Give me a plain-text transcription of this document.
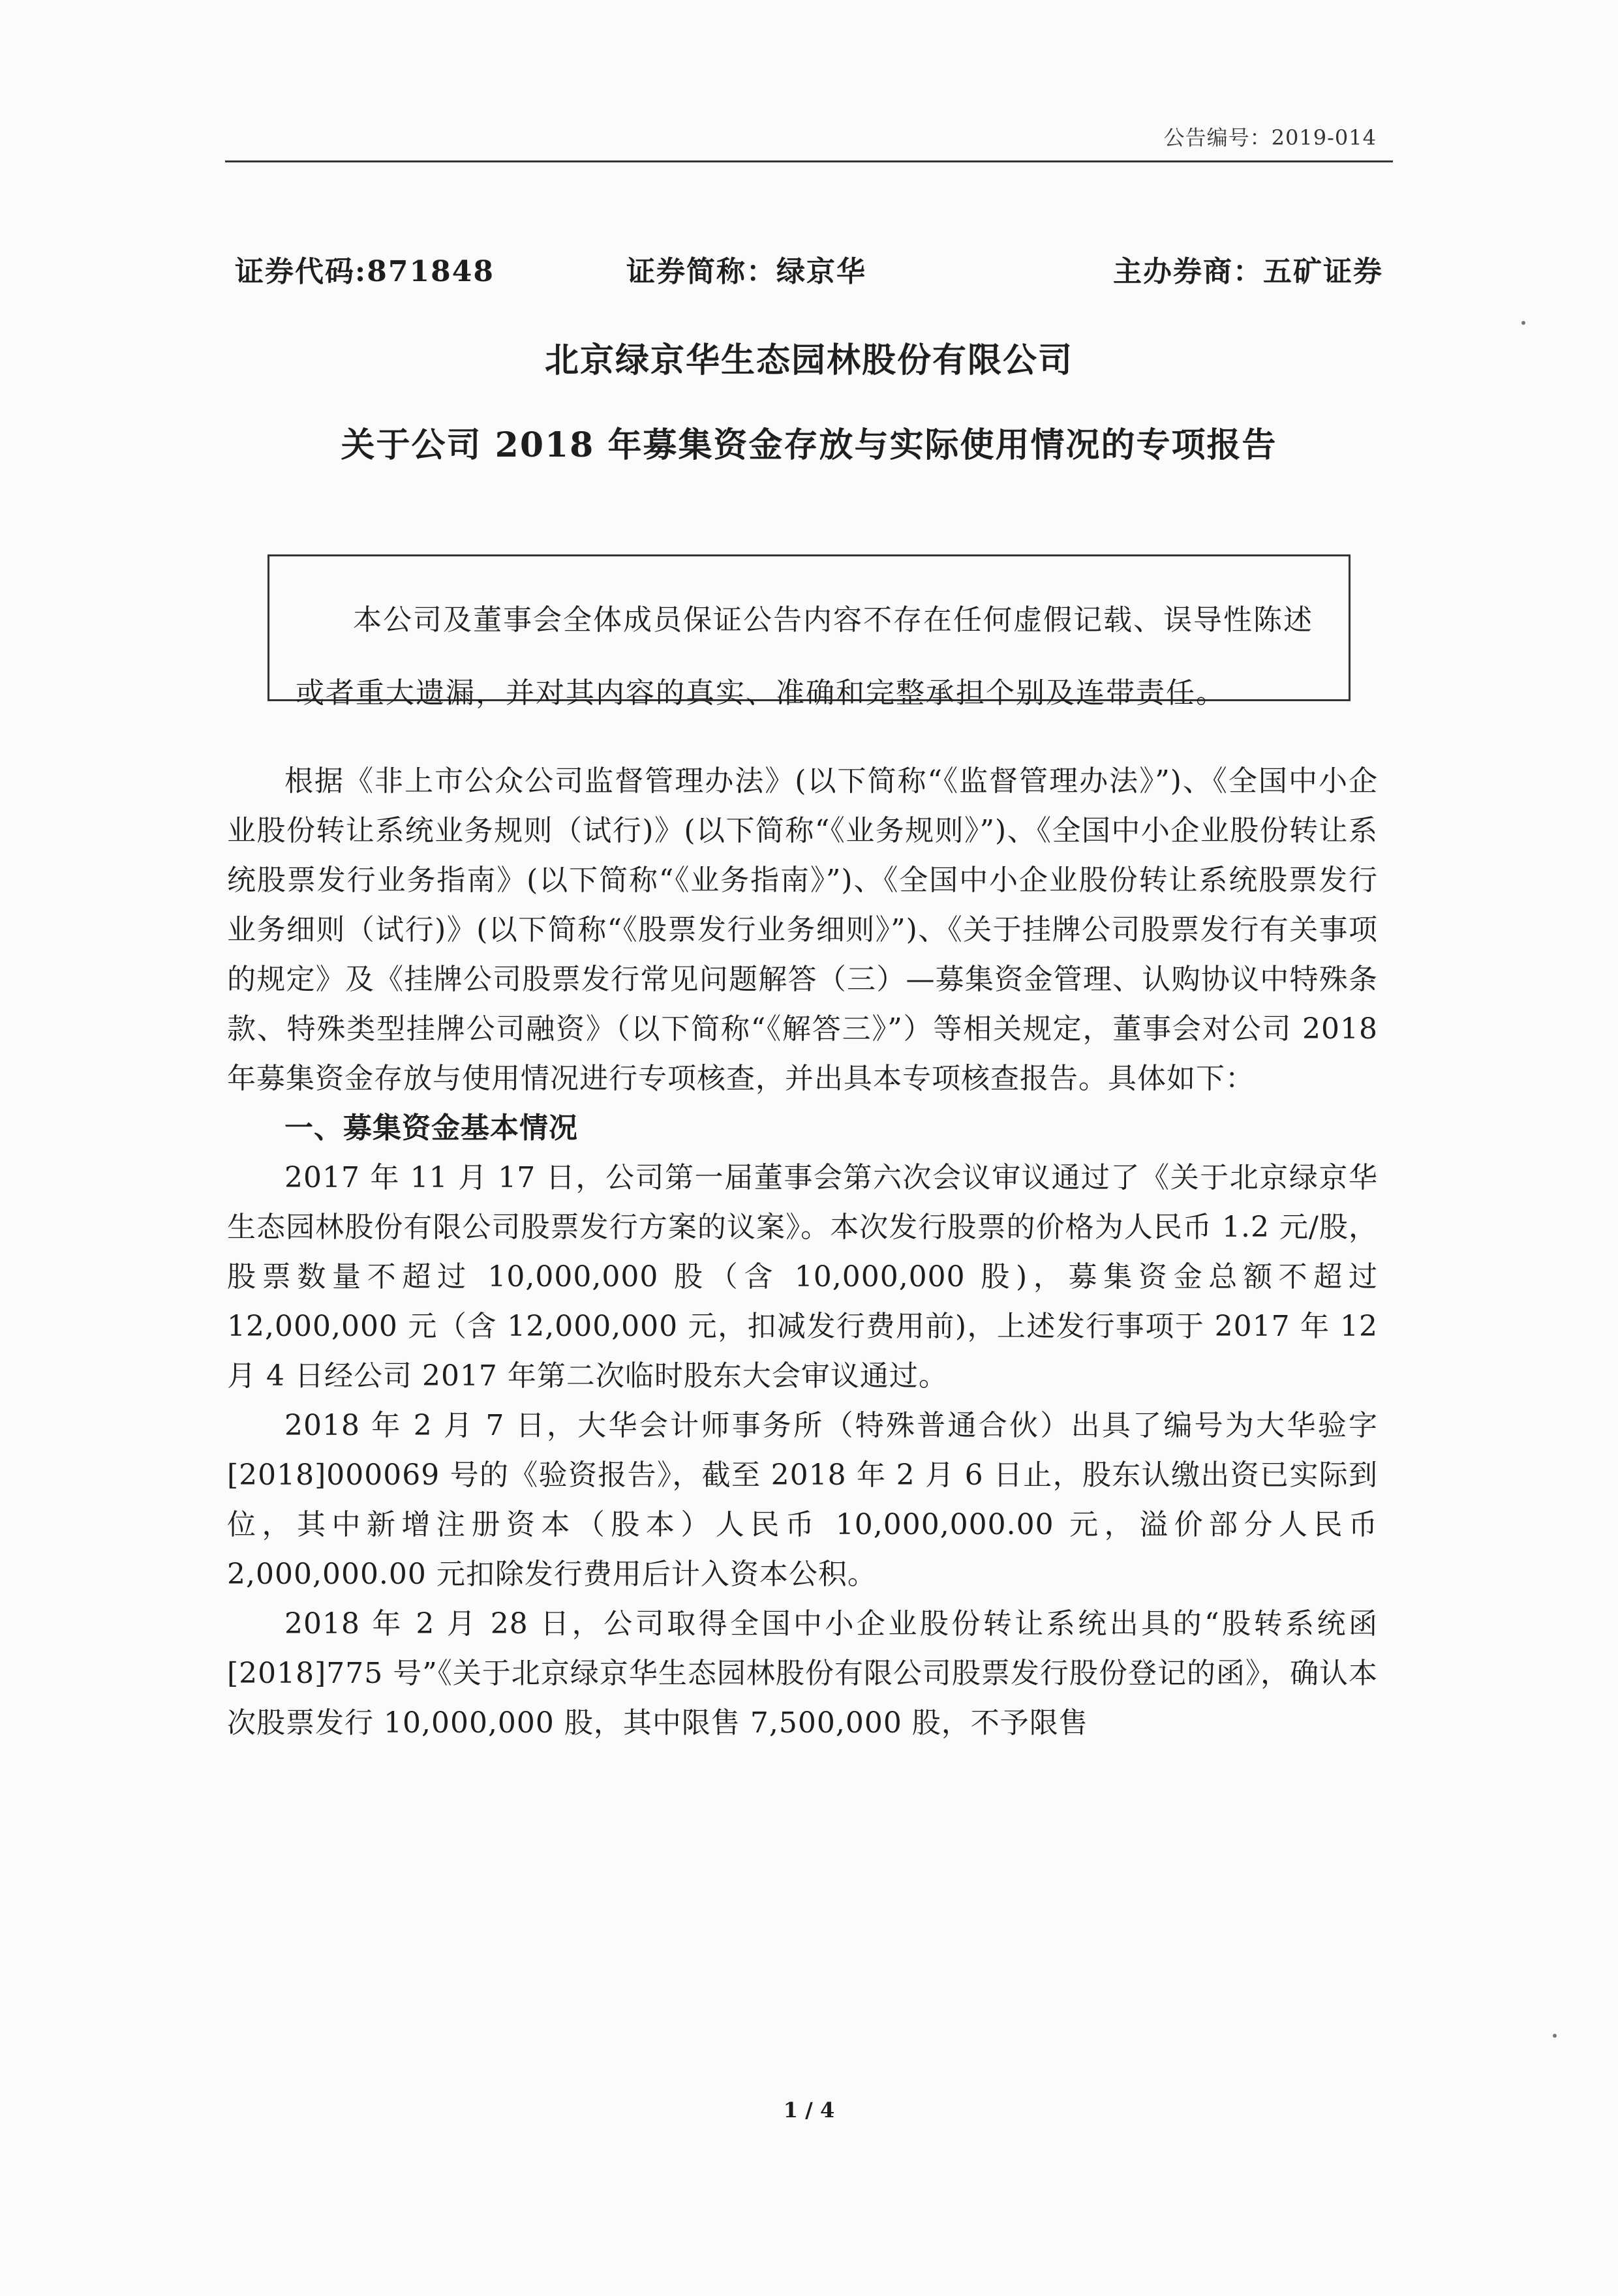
公告编号：2019-014
证券代码:871848	证券简称：绿京华	主办券商：五矿证券
北京绿京华生态园林股份有限公司
关于公司 2018 年募集资金存放与实际使用情况的专项报告

本公司及董事会全体成员保证公告内容不存在任何虚假记载、误导性陈述或者重大遗漏，并对其内容的真实、准确和完整承担个别及连带责任。

根据《非上市公众公司监督管理办法》(以下简称“《监督管理办法》”)、《全国中小企业股份转让系统业务规则（试行)》(以下简称“《业务规则》”)、《全国中小企业股份转让系统股票发行业务指南》(以下简称“《业务指南》”)、《全国中小企业股份转让系统股票发行业务细则（试行)》(以下简称“《股票发行业务细则》”)、《关于挂牌公司股票发行有关事项的规定》及《挂牌公司股票发行常见问题解答（三）—募集资金管理、认购协议中特殊条款、特殊类型挂牌公司融资》（以下简称“《解答三》”）等相关规定，董事会对公司 2018 年募集资金存放与使用情况进行专项核查，并出具本专项核查报告。具体如下：

一、募集资金基本情况

2017 年 11 月 17 日，公司第一届董事会第六次会议审议通过了《关于北京绿京华生态园林股份有限公司股票发行方案的议案》。本次发行股票的价格为人民币 1.2 元/股，股票数量不超过 10,000,000 股（含 10,000,000 股)，募集资金总额不超过 12,000,000 元（含 12,000,000 元，扣减发行费用前)，上述发行事项于 2017 年 12 月 4 日经公司 2017 年第二次临时股东大会审议通过。

2018 年 2 月 7 日，大华会计师事务所（特殊普通合伙）出具了编号为大华验字 [2018]000069 号的《验资报告》，截至 2018 年 2 月 6 日止，股东认缴出资已实际到位，其中新增注册资本（股本）人民币 10,000,000.00 元，溢价部分人民币 2,000,000.00 元扣除发行费用后计入资本公积。

2018 年 2 月 28 日，公司取得全国中小企业股份转让系统出具的“股转系统函[2018]775 号”《关于北京绿京华生态园林股份有限公司股票发行股份登记的函》，确认本次股票发行 10,000,000 股，其中限售 7,500,000 股，不予限售

1 / 4
